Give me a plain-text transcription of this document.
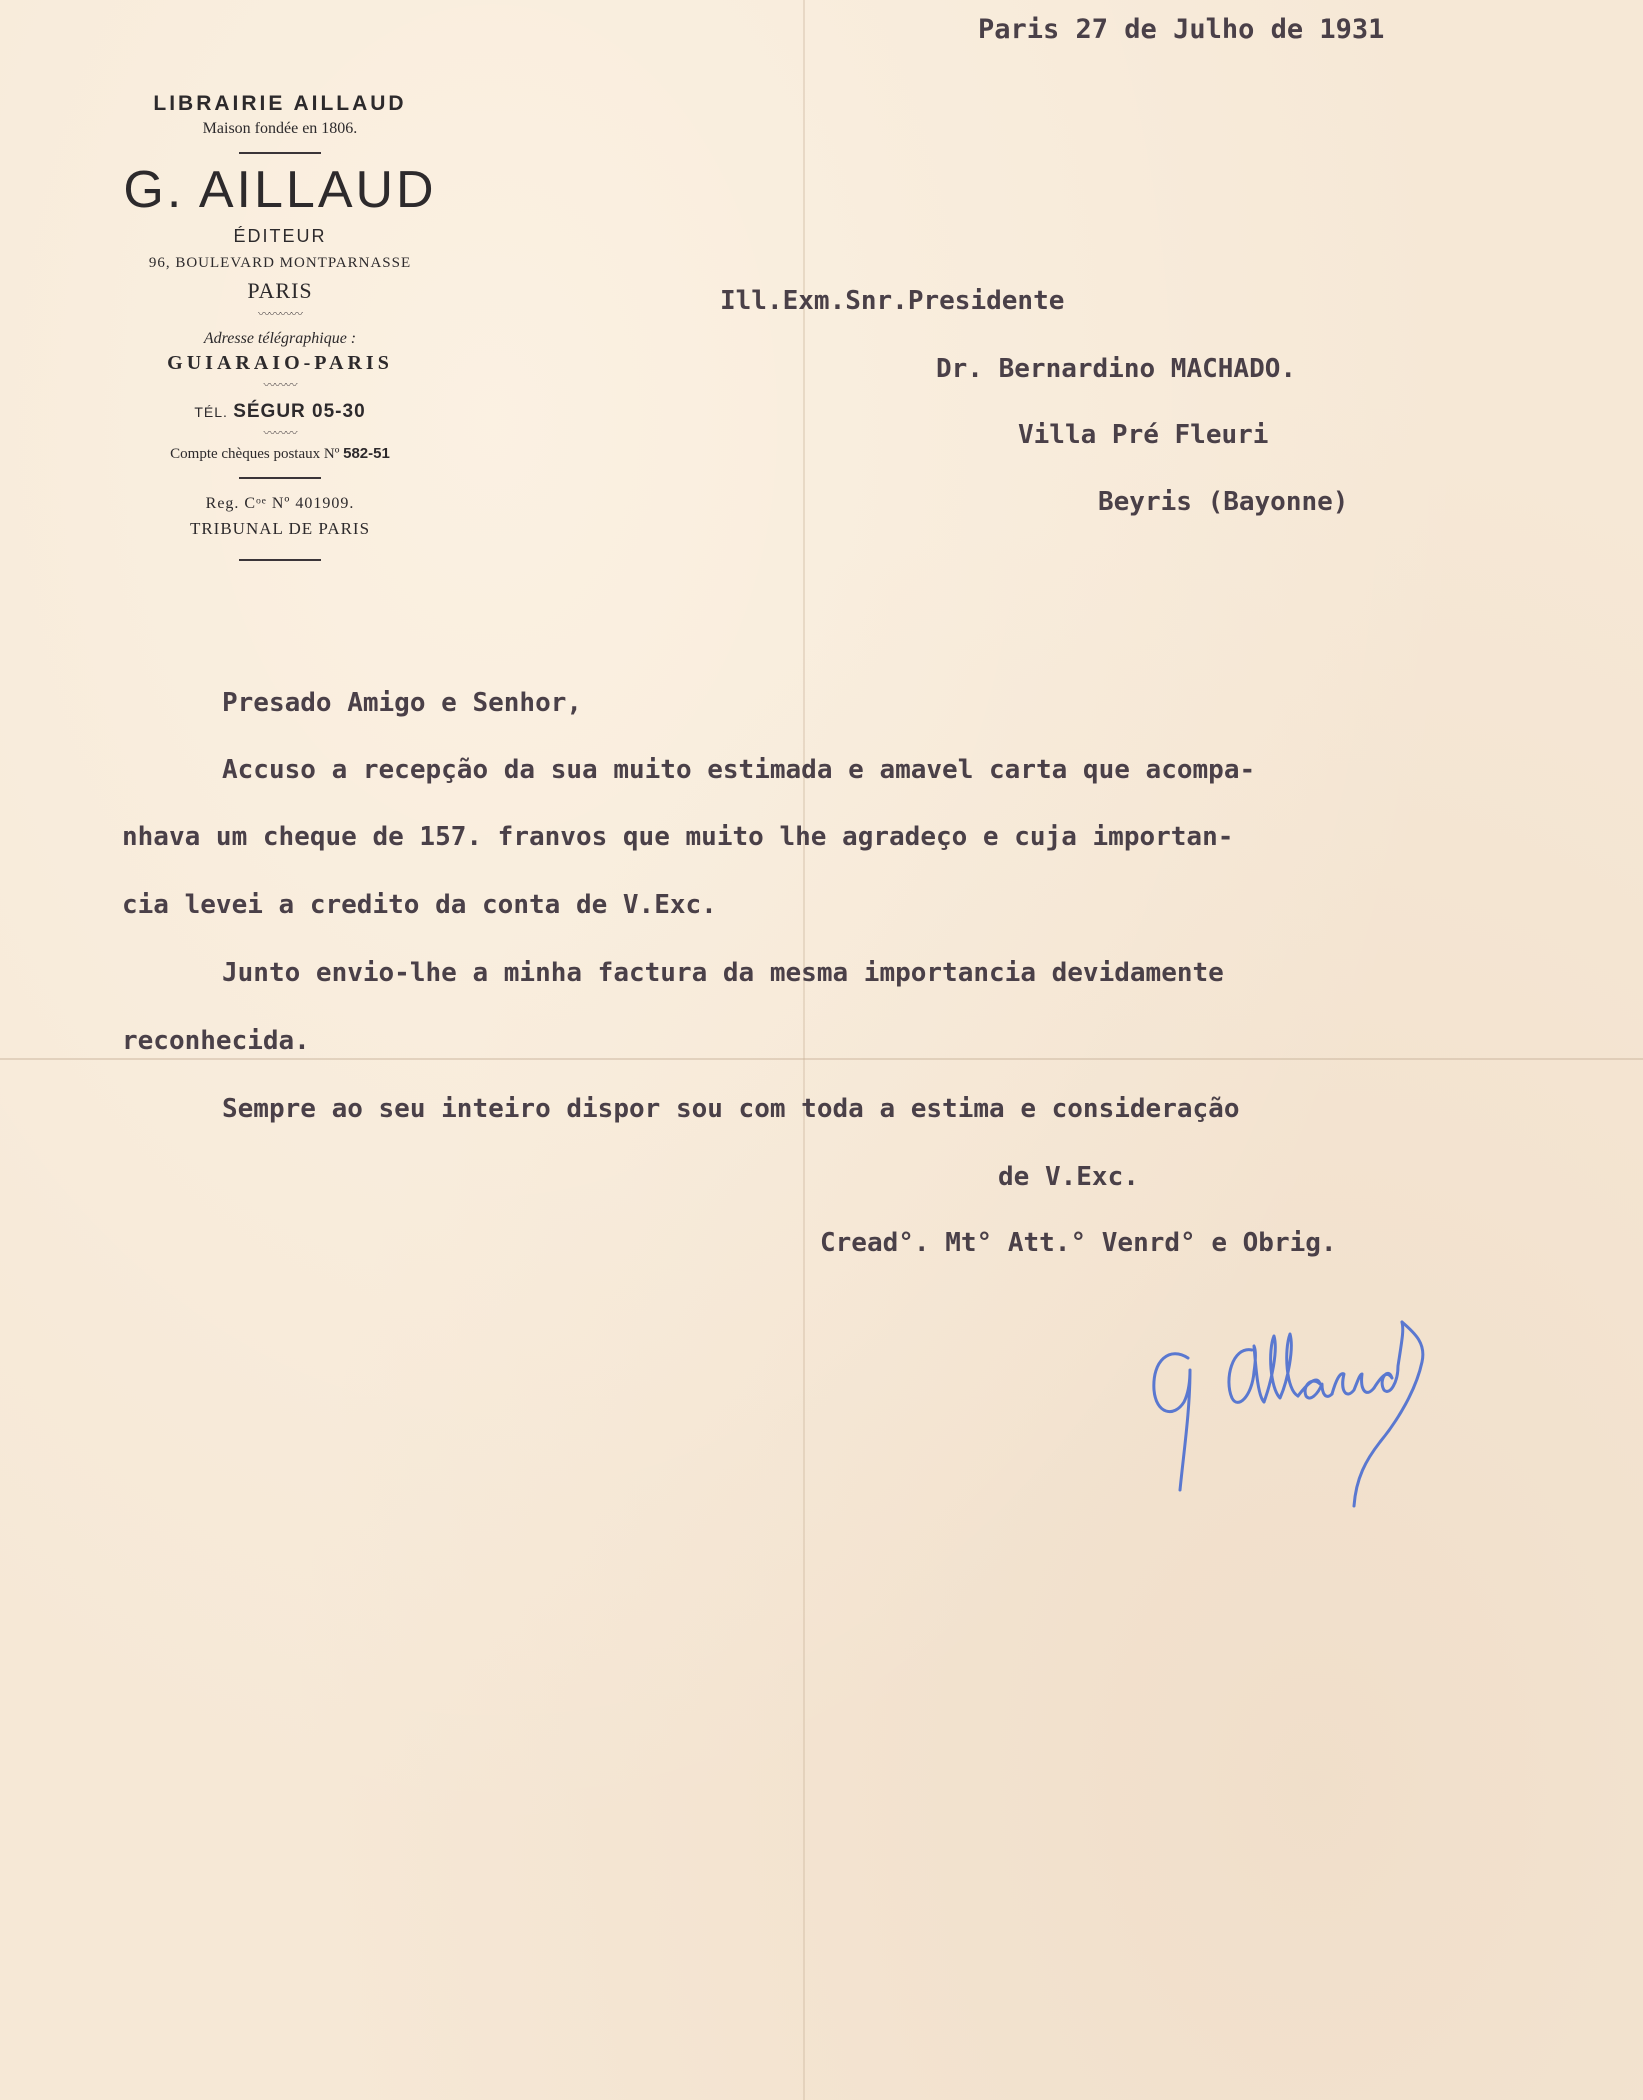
LIBRAIRIE AILLAUD
Maison fondée en 1806.
G. AILLAUD
ÉDITEUR
96, BOULEVARD MONTPARNASSE
PARIS
〰〰〰〰
Adresse télégraphique :
GUIARAIO-PARIS
〰〰〰
TÉL. SÉGUR 05-30
〰〰〰
Compte chèques postaux Nº 582-51
Reg. Cᵒᵉ Nº 401909.
TRIBUNAL DE PARIS
Paris 27 de Julho de 1931
Ill.Exm.Snr.Presidente
Dr. Bernardino MACHADO.
Villa Pré Fleuri
Beyris (Bayonne)
Presado Amigo e Senhor,
Accuso a recepção da sua muito estimada e amavel carta que acompa-
nhava um cheque de 157. franvos que muito lhe agradeço e cuja importan-
cia levei a credito da conta de V.Exc.
Junto envio-lhe a minha factura da mesma importancia devidamente
reconhecida.
Sempre ao seu inteiro dispor sou com toda a estima e consideração
de V.Exc.
Cread°. Mt° Att.° Venrd° e Obrig.
